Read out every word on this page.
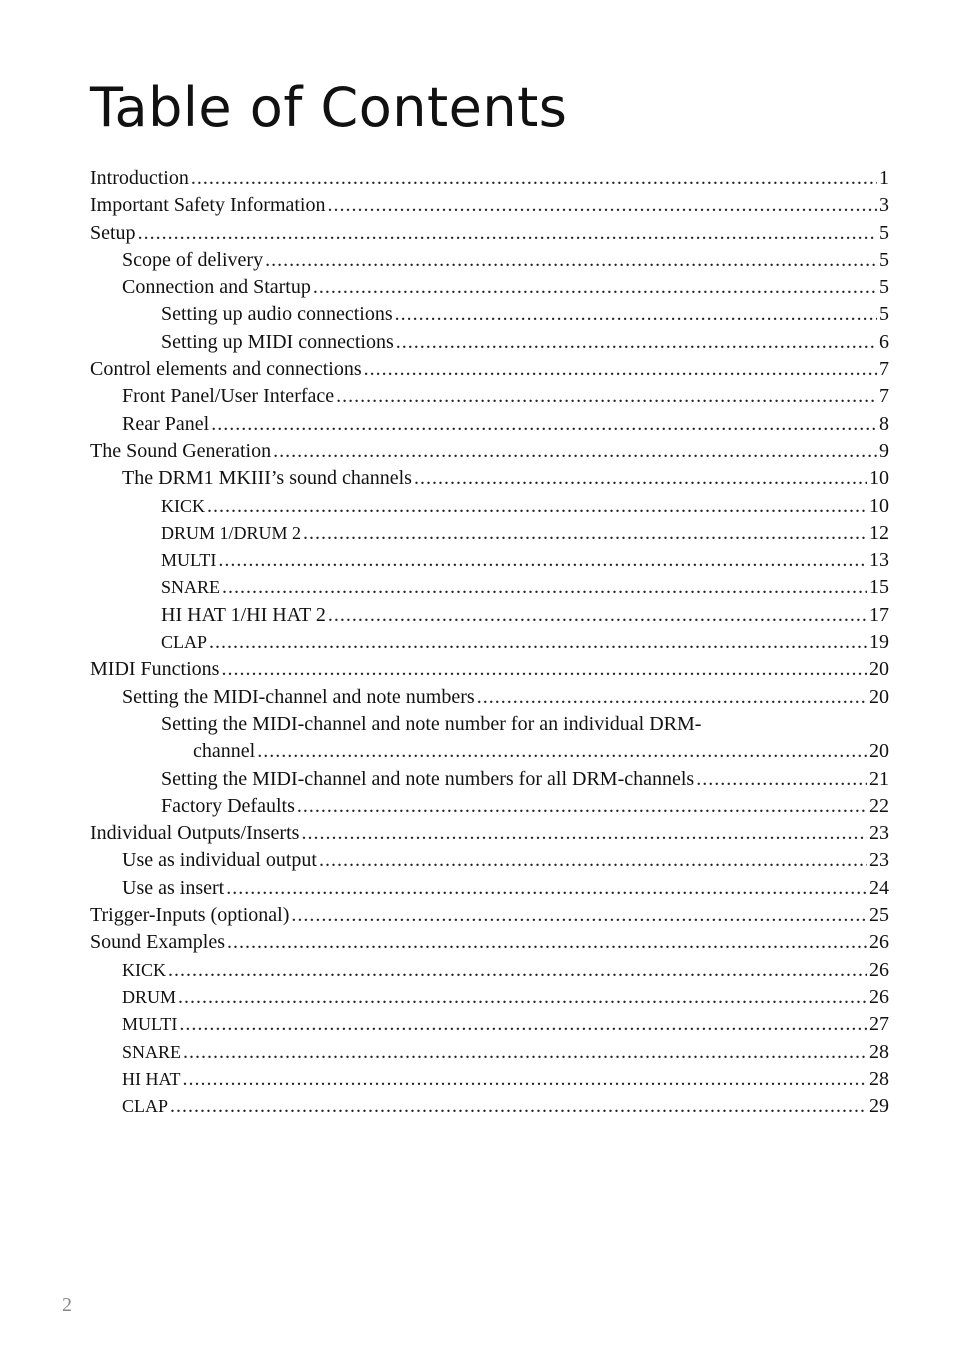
Table of Contents
Introduction .....	1
Important Safety Information .....	3
Setup .....	5
Scope of delivery .....	5
Connection and Startup .....	5
Setting up audio connections .....	5
Setting up MIDI connections .....	6
Control elements and connections .....	7
Front Panel/User Interface .....	7
Rear Panel .....	8
The Sound Generation .....	9
The DRM1 MKIII’s sound channels .....	10
KICK .....	10
DRUM 1/DRUM 2 .....	12
MULTI .....	13
SNARE .....	15
HI HAT 1/HI HAT 2 .....	17
CLAP .....	19
MIDI Functions .....	20
Setting the MIDI-channel and note numbers .....	20
Setting the MIDI-channel and note number for an individual DRM-
channel .....	20
Setting the MIDI-channel and note numbers for all DRM-channels .....	21
Factory Defaults .....	22
Individual Outputs/Inserts .....	23
Use as individual output .....	23
Use as insert .....	24
Trigger-Inputs (optional) .....	25
Sound Examples .....	26
KICK .....	26
DRUM .....	26
MULTI .....	27
SNARE .....	28
HI HAT .....	28
CLAP .....	29
2
